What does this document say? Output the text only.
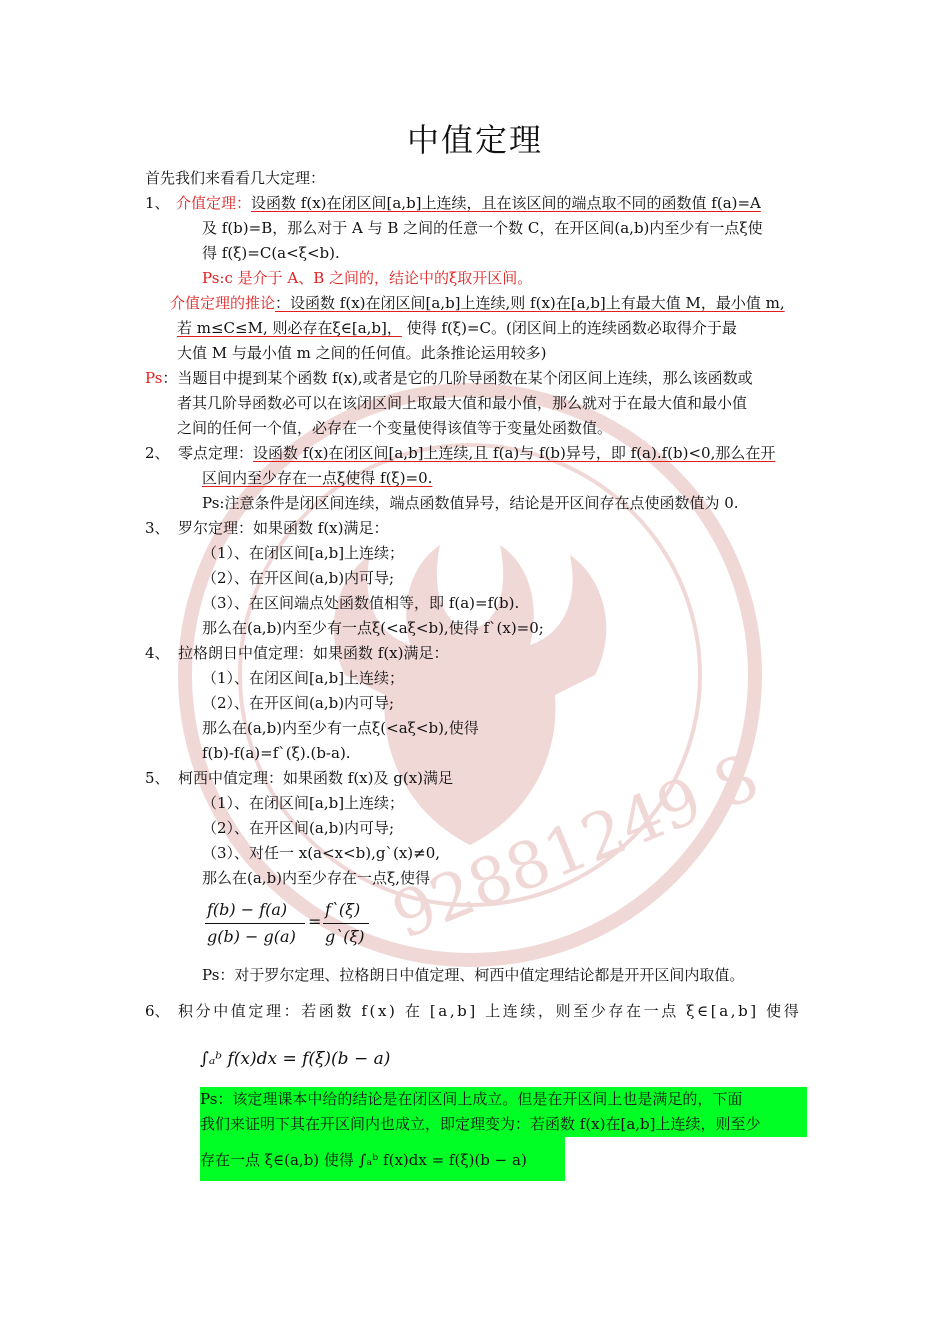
92881249 8
中值定理
首先我们来看看几大定理：
1、 介值定理：设函数 f(x)在闭区间[a,b]上连续，且在该区间的端点取不同的函数值 f(a)=A
及 f(b)=B，那么对于 A 与 B 之间的任意一个数 C，在开区间(a,b)内至少有一点ξ使
得 f(ξ)=C(a<ξ<b).
Ps:c 是介于 A、B 之间的，结论中的ξ取开区间。
介值定理的推论：设函数 f(x)在闭区间[a,b]上连续,则 f(x)在[a,b]上有最大值 M，最小值 m,
若 m≤C≤M, 则必存在ξ∈[a,b]， 使得 f(ξ)=C。(闭区间上的连续函数必取得介于最
大值 M 与最小值 m 之间的任何值。此条推论运用较多)
Ps：当题目中提到某个函数 f(x),或者是它的几阶导函数在某个闭区间上连续，那么该函数或
者其几阶导函数必可以在该闭区间上取最大值和最小值，那么就对于在最大值和最小值
之间的任何一个值，必存在一个变量使得该值等于变量处函数值。
2、 零点定理：设函数 f(x)在闭区间[a,b]上连续,且 f(a)与 f(b)异号，即 f(a).f(b)<0,那么在开
区间内至少存在一点ξ使得 f(ξ)=0.
Ps:注意条件是闭区间连续，端点函数值异号，结论是开区间存在点使函数值为 0.
3、 罗尔定理：如果函数 f(x)满足：
（1）、在闭区间[a,b]上连续；
（2）、在开区间(a,b)内可导;
（3）、在区间端点处函数值相等，即 f(a)=f(b).
那么在(a,b)内至少有一点ξ(<aξ<b),使得 f`(x)=0;
4、 拉格朗日中值定理：如果函数 f(x)满足：
（1）、在闭区间[a,b]上连续；
（2）、在开区间(a,b)内可导;
那么在(a,b)内至少有一点ξ(<aξ<b),使得
f(b)-f(a)=f`(ξ).(b-a).
5、 柯西中值定理：如果函数 f(x)及 g(x)满足
（1）、在闭区间[a,b]上连续；
（2）、在开区间(a,b)内可导;
（3）、对任一 x(a<x<b),g`(x)≠0,
那么在(a,b)内至少存在一点ξ,使得
f(b) − f(a)
g(b) − g(a)
=
f`(ξ)
g`(ξ)
Ps：对于罗尔定理、拉格朗日中值定理、柯西中值定理结论都是开开区间内取值。
6、 积分中值定理：若函数 f(x) 在 [a,b] 上连续，则至少存在一点 ξ∈[a,b] 使得
∫ₐᵇ f(x)dx = f(ξ)(b − a)
Ps：该定理课本中给的结论是在闭区间上成立。但是在开区间上也是满足的，下面
我们来证明下其在开区间内也成立，即定理变为：若函数 f(x)在[a,b]上连续，则至少
存在一点 ξ∈(a,b) 使得 ∫ₐᵇ f(x)dx = f(ξ)(b − a)
